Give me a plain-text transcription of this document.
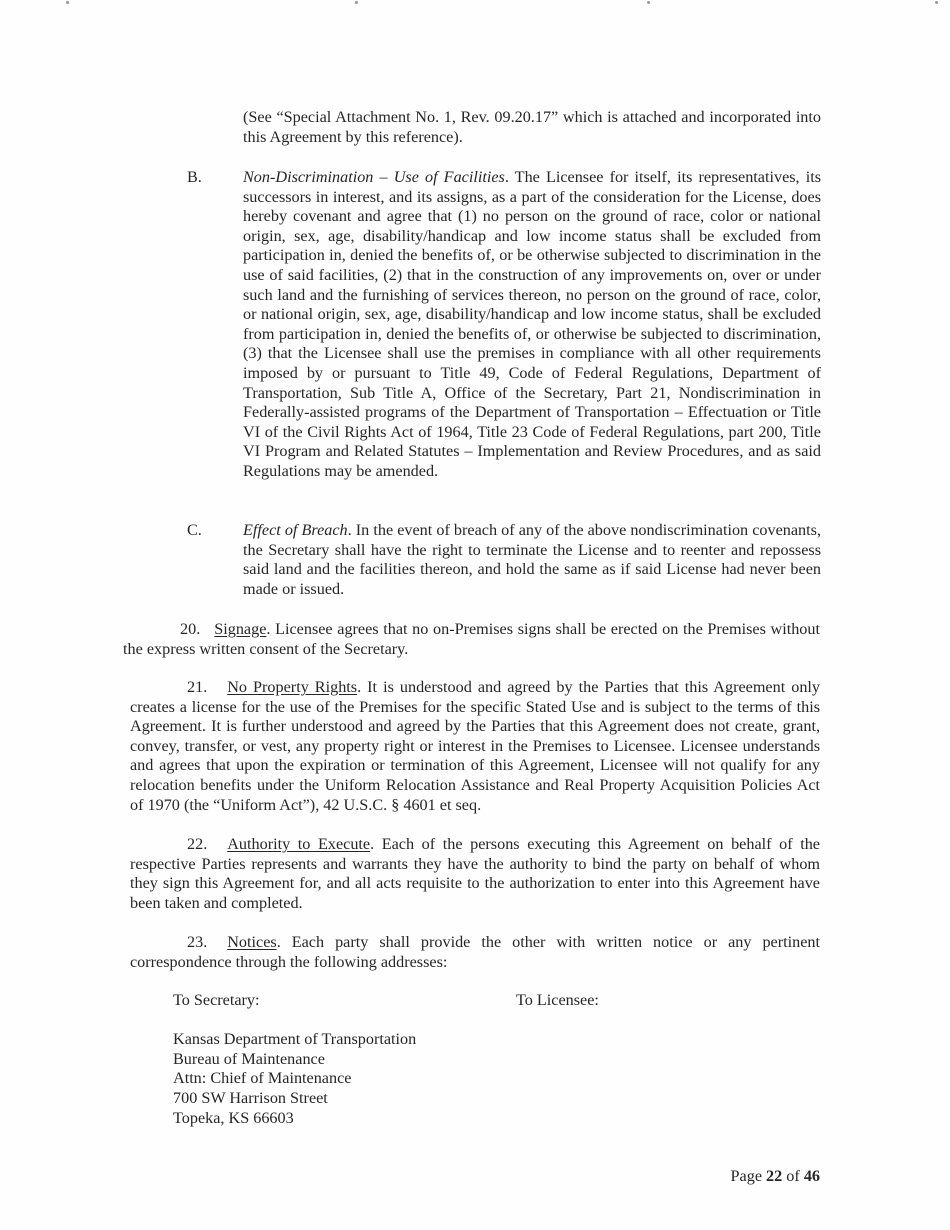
(See “Special Attachment No. 1, Rev. 09.20.17” which is attached and incorporated into this Agreement by this reference).

B.	Non-Discrimination – Use of Facilities. The Licensee for itself, its representatives, its successors in interest, and its assigns, as a part of the consideration for the License, does hereby covenant and agree that (1) no person on the ground of race, color or national origin, sex, age, disability/handicap and low income status shall be excluded from participation in, denied the benefits of, or be otherwise subjected to discrimination in the use of said facilities, (2) that in the construction of any improvements on, over or under such land and the furnishing of services thereon, no person on the ground of race, color, or national origin, sex, age, disability/handicap and low income status, shall be excluded from participation in, denied the benefits of, or otherwise be subjected to discrimination, (3) that the Licensee shall use the premises in compliance with all other requirements imposed by or pursuant to Title 49, Code of Federal Regulations, Department of Transportation, Sub Title A, Office of the Secretary, Part 21, Nondiscrimination in Federally-assisted programs of the Department of Transportation – Effectuation or Title VI of the Civil Rights Act of 1964, Title 23 Code of Federal Regulations, part 200, Title VI Program and Related Statutes – Implementation and Review Procedures, and as said Regulations may be amended.

C.	Effect of Breach. In the event of breach of any of the above nondiscrimination covenants, the Secretary shall have the right to terminate the License and to reenter and repossess said land and the facilities thereon, and hold the same as if said License had never been made or issued.

20. Signage. Licensee agrees that no on-Premises signs shall be erected on the Premises without the express written consent of the Secretary.

21. No Property Rights. It is understood and agreed by the Parties that this Agreement only creates a license for the use of the Premises for the specific Stated Use and is subject to the terms of this Agreement. It is further understood and agreed by the Parties that this Agreement does not create, grant, convey, transfer, or vest, any property right or interest in the Premises to Licensee. Licensee understands and agrees that upon the expiration or termination of this Agreement, Licensee will not qualify for any relocation benefits under the Uniform Relocation Assistance and Real Property Acquisition Policies Act of 1970 (the “Uniform Act”), 42 U.S.C. § 4601 et seq.

22. Authority to Execute. Each of the persons executing this Agreement on behalf of the respective Parties represents and warrants they have the authority to bind the party on behalf of whom they sign this Agreement for, and all acts requisite to the authorization to enter into this Agreement have been taken and completed.

23. Notices. Each party shall provide the other with written notice or any pertinent correspondence through the following addresses:

To Secretary:
Kansas Department of Transportation
Bureau of Maintenance
Attn: Chief of Maintenance
700 SW Harrison Street
Topeka, KS 66603
To Licensee:
Page 22 of 46
